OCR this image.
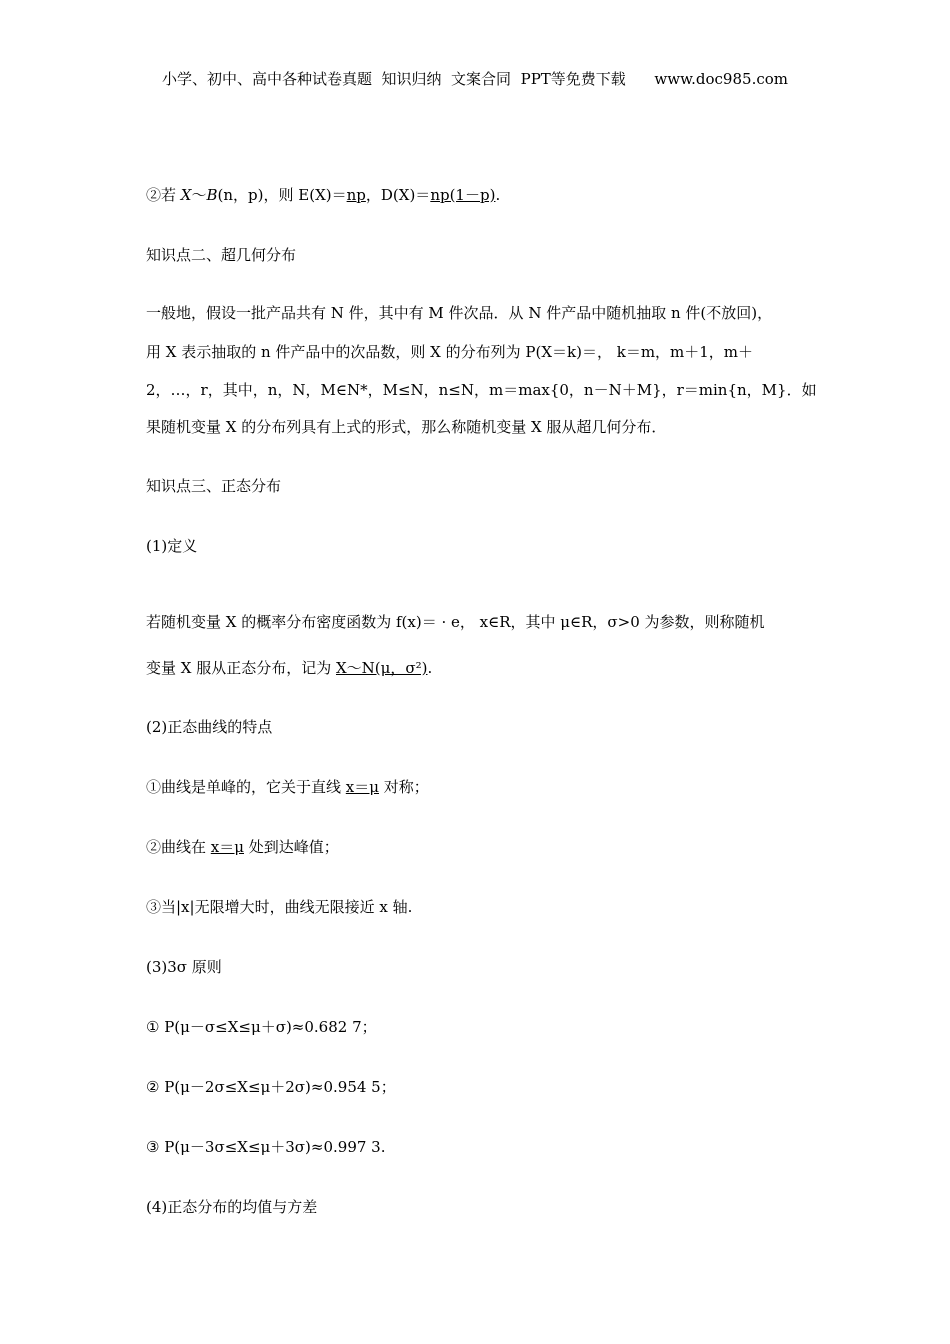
小学、初中、高中各种试卷真题  知识归纳  文案合同  PPT等免费下载      www.doc985.com
②若 X～B(n，p)，则 E(X)＝np，D(X)＝np(1－p).
知识点二、超几何分布
一般地，假设一批产品共有 N 件，其中有 M 件次品．从 N 件产品中随机抽取 n 件(不放回)，
用 X 表示抽取的 n 件产品中的次品数，则 X 的分布列为 P(X＝k)＝， k＝m，m＋1，m＋
2，…，r，其中，n，N，M∈N*，M≤N，n≤N，m＝max{0，n－N＋M}，r＝min{n，M}．如
果随机变量 X 的分布列具有上式的形式，那么称随机变量 X 服从超几何分布．
知识点三、正态分布
(1)定义
若随机变量 X 的概率分布密度函数为 f(x)＝ · e， x∈R，其中 μ∈R，σ>0 为参数，则称随机
变量 X 服从正态分布，记为 X～N(μ，σ²).
(2)正态曲线的特点
①曲线是单峰的，它关于直线 x＝μ 对称；
②曲线在 x＝μ 处到达峰值；
③当|x|无限增大时，曲线无限接近 x 轴.
(3)3σ 原则
① P(μ－σ≤X≤μ＋σ)≈0.682 7；
② P(μ－2σ≤X≤μ＋2σ)≈0.954 5；
③ P(μ－3σ≤X≤μ＋3σ)≈0.997 3.
(4)正态分布的均值与方差
